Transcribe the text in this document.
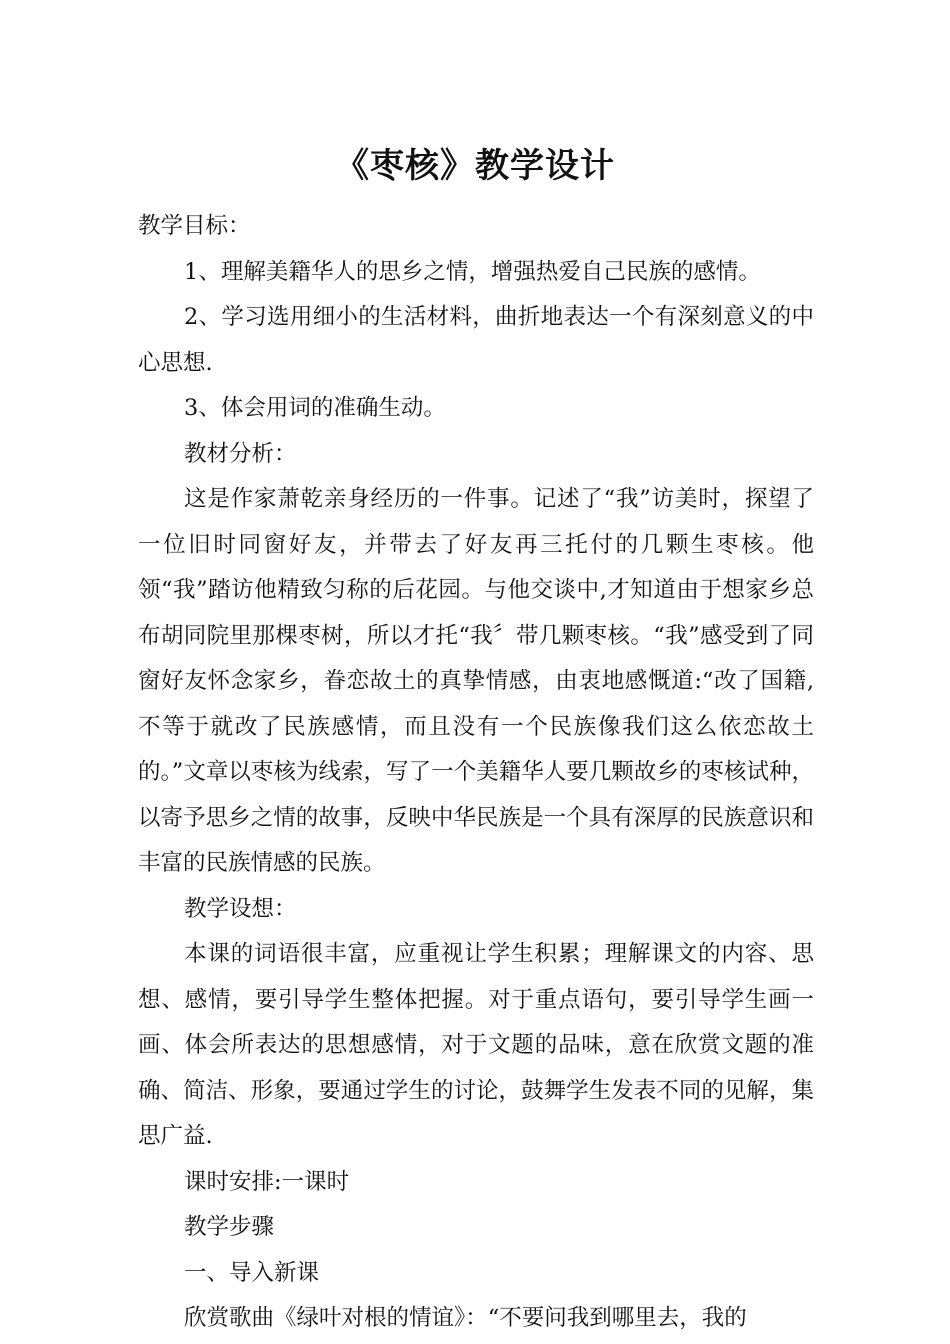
《枣核》教学设计

教学目标：

1、理解美籍华人的思乡之情，增强热爱自己民族的感情。

2、学习选用细小的生活材料，曲折地表达一个有深刻意义的中心思想.

3、体会用词的准确生动。

教材分析：

这是作家萧乾亲身经历的一件事。记述了“我”访美时，探望了一位旧时同窗好友，并带去了好友再三托付的几颗生枣核。他领“我”踏访他精致匀称的后花园。与他交谈中,才知道由于想家乡总布胡同院里那棵枣树，所以才托“我〞带几颗枣核。“我”感受到了同窗好友怀念家乡，眷恋故土的真挚情感，由衷地感慨道:“改了国籍,不等于就改了民族感情，而且没有一个民族像我们这么依恋故土的。”文章以枣核为线索，写了一个美籍华人要几颗故乡的枣核试种，以寄予思乡之情的故事，反映中华民族是一个具有深厚的民族意识和丰富的民族情感的民族。

教学设想：

本课的词语很丰富，应重视让学生积累；理解课文的内容、思想、感情，要引导学生整体把握。对于重点语句，要引导学生画一画、体会所表达的思想感情，对于文题的品味，意在欣赏文题的准确、简洁、形象，要通过学生的讨论，鼓舞学生发表不同的见解，集思广益.

课时安排:一课时

教学步骤

一、导入新课

欣赏歌曲《绿叶对根的情谊》：“不要问我到哪里去，我的
